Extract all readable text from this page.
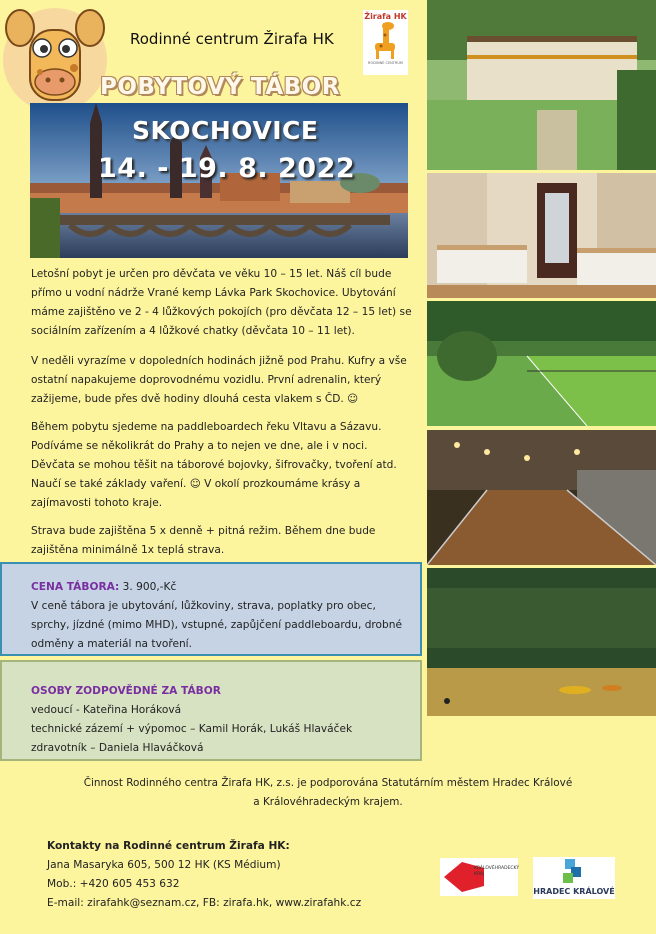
Rodinné centrum Žirafa HK
Žirafa HK
RODINNÉ CENTRUM
POBYTOVÝ TÁBOR
SKOCHOVICE
14. - 19. 8. 2022
Letošní pobyt je určen pro děvčata ve věku 10 – 15 let. Náš cíl bude
přímo u vodní nádrže Vrané kemp Lávka Park Skochovice. Ubytování
máme zajištěno ve 2 - 4 lůžkových pokojích (pro děvčata 12 – 15 let) se
sociálním zařízením a 4 lůžkové chatky (děvčata 10 – 11 let).
V neděli vyrazíme v dopoledních hodinách jižně pod Prahu. Kufry a vše
ostatní napakujeme doprovodnému vozidlu. První adrenalin, který
zažijeme, bude přes dvě hodiny dlouhá cesta vlakem s ČD. ☺
Během pobytu sjedeme na paddleboardech řeku Vltavu a Sázavu.
Podíváme se několikrát do Prahy a to nejen ve dne, ale i v noci.
Děvčata se mohou těšit na táborové bojovky, šifrovačky, tvoření atd.
Naučí se také základy vaření. ☺ V okolí prozkoumáme krásy a
zajímavosti tohoto kraje.
Strava bude zajištěna 5 x denně + pitná režim. Během dne bude
zajištěna minimálně 1x teplá strava.
CENA TÁBORA: 3. 900,-Kč
V ceně tábora je ubytování, lůžkoviny, strava, poplatky pro obec,
sprchy, jízdné (mimo MHD), vstupné, zapůjčení paddleboardu, drobné
odměny a materiál na tvoření.
OSOBY ZODPOVĚDNÉ ZA TÁBOR
vedoucí - Kateřina Horáková
technické zázemí + výpomoc – Kamil Horák, Lukáš Hlaváček
zdravotník – Daniela Hlaváčková
Činnost Rodinného centra Žirafa HK, z.s. je podporována Statutárním městem Hradec Králové
a Královéhradeckým krajem.
Kontakty na Rodinné centrum Žirafa HK:
Jana Masaryka 605, 500 12 HK (KS Médium)
Mob.: +420 605 453 632
E-mail: zirafahk@seznam.cz, FB: zirafa.hk, www.zirafahk.cz
KRÁLOVÉHRADECKÝ KRAJ
HRADEC KRÁLOVÉ
